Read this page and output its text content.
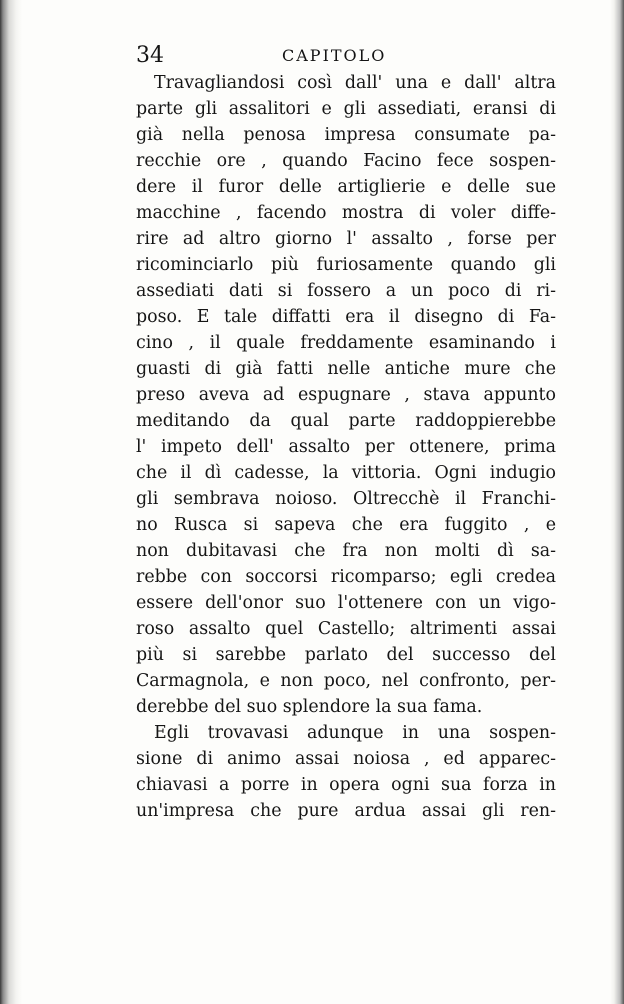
34	CAPITOLO
Travagliandosi così dall' una e dall' altra
parte gli assalitori e gli assediati, eransi di
già nella penosa impresa consumate pa-
recchie ore , quando Facino fece sospen-
dere il furor delle artiglierie e delle sue
macchine , facendo mostra di voler diffe-
rire ad altro giorno l' assalto , forse per
ricominciarlo più furiosamente quando gli
assediati dati si fossero a un poco di ri-
poso. E tale diffatti era il disegno di Fa-
cino , il quale freddamente esaminando i
guasti di già fatti nelle antiche mure che
preso aveva ad espugnare , stava appunto
meditando da qual parte raddoppierebbe
l' impeto dell' assalto per ottenere, prima
che il dì cadesse, la vittoria. Ogni indugio
gli sembrava noioso. Oltrecchè il Franchi-
no Rusca si sapeva che era fuggito , e
non dubitavasi che fra non molti dì sa-
rebbe con soccorsi ricomparso; egli credea
essere dell'onor suo l'ottenere con un vigo-
roso assalto quel Castello; altrimenti assai
più si sarebbe parlato del successo del
Carmagnola, e non poco, nel confronto, per-
derebbe del suo splendore la sua fama.
Egli trovavasi adunque in una sospen-
sione di animo assai noiosa , ed apparec-
chiavasi a porre in opera ogni sua forza in
un'impresa che pure ardua assai gli ren-
